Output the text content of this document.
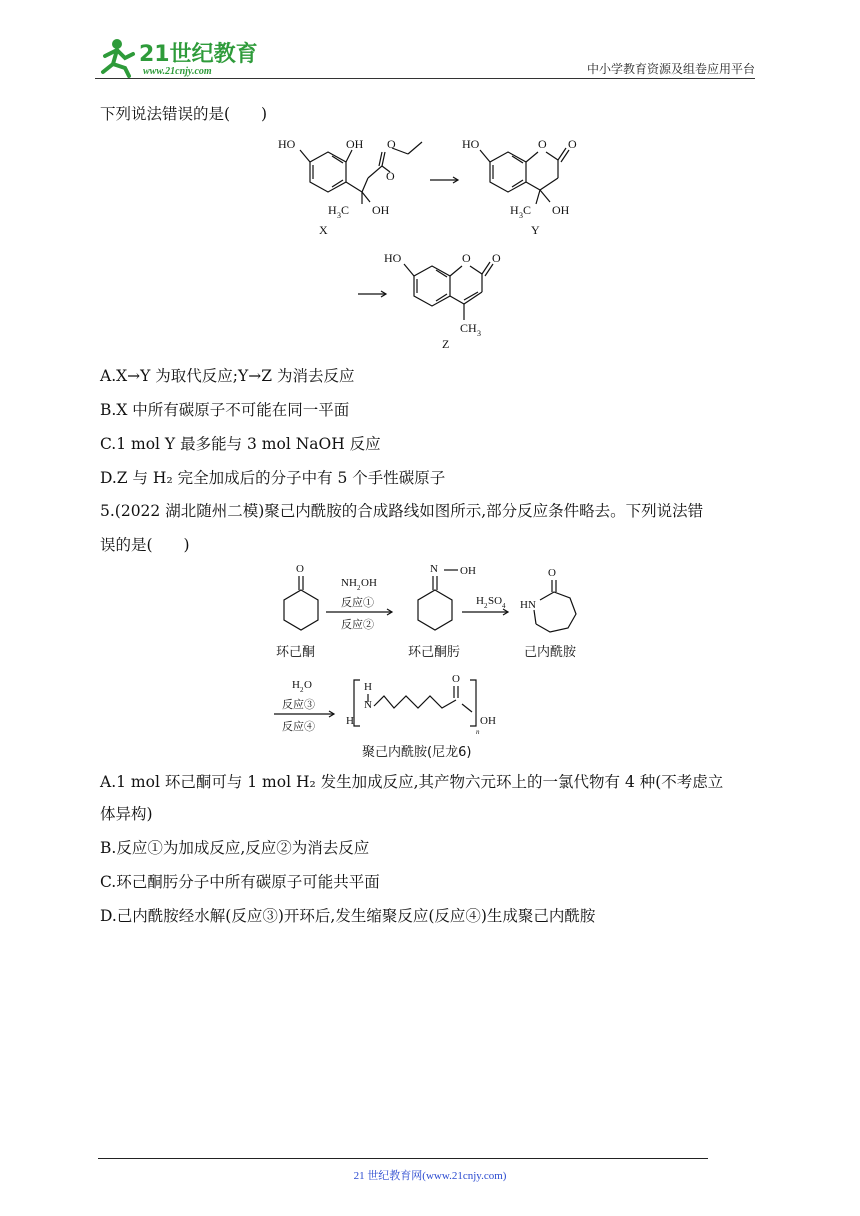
21世纪教育
www.21cnjy.com	中小学教育资源及组卷应用平台
下列说法错误的是(　　)
HO	OH O
O
H 3 C OH
X
HO	O O
H 3 C OH
Y
HO	O O
CH 3
Z
A.X→Y 为取代反应;Y→Z 为消去反应
B.X 中所有碳原子不可能在同一平面
C.1 mol Y 最多能与 3 mol NaOH 反应
D.Z 与 H₂ 完全加成后的分子中有 5 个手性碳原子
5.(2022 湖北随州二模)聚己内酰胺的合成路线如图所示,部分反应条件略去。下列说法错
误的是(　　)
O	N OH	O
HN
NH 2 OH
H 2 SO 4
反应①
反应②
环己酮	环己酮肟	己内酰胺
H 2 O	H
N
H
O
OH
n
反应③
反应④
聚己内酰胺(尼龙6)
A.1 mol 环己酮可与 1 mol H₂ 发生加成反应,其产物六元环上的一氯代物有 4 种(不考虑立
体异构)
B.反应①为加成反应,反应②为消去反应
C.环己酮肟分子中所有碳原子可能共平面
D.己内酰胺经水解(反应③)开环后,发生缩聚反应(反应④)生成聚己内酰胺
21 世纪教育网(www.21cnjy.com)
